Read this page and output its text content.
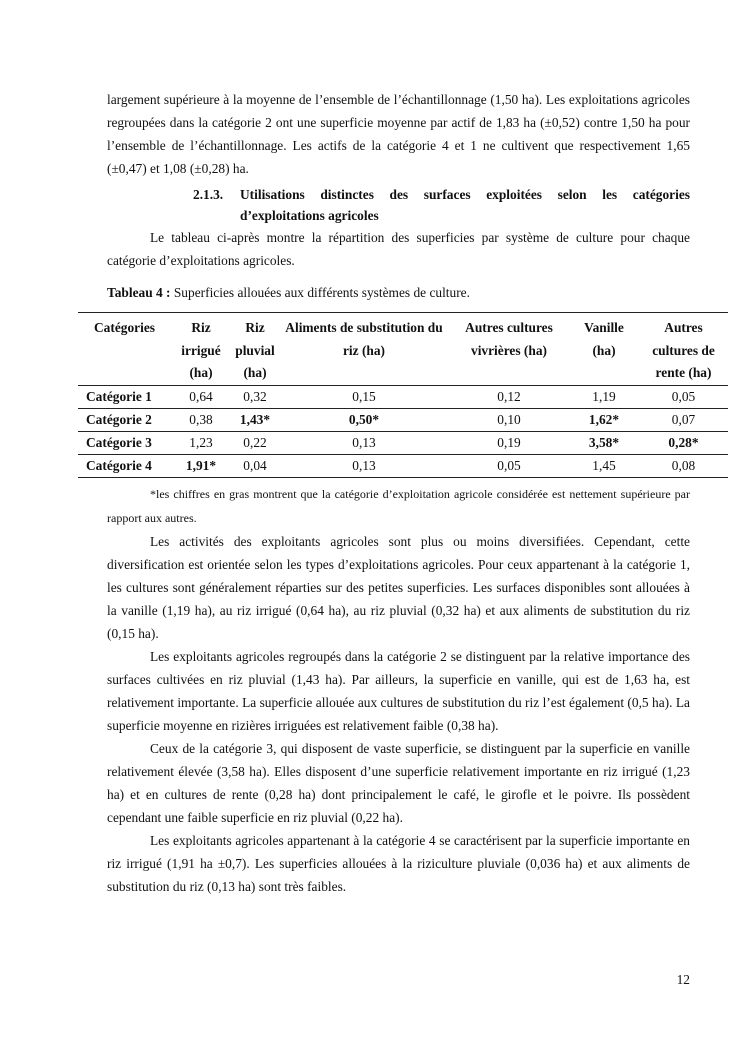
largement supérieure à la moyenne de l’ensemble de l’échantillonnage (1,50 ha). Les exploitations agricoles regroupées dans la catégorie 2 ont une superficie moyenne par actif de 1,83 ha (±0,52) contre 1,50 ha pour l’ensemble de l’échantillonnage. Les actifs de la catégorie 4 et 1 ne cultivent que respectivement 1,65 (±0,47) et 1,08 (±0,28) ha.

2.1.3.	Utilisations distinctes des surfaces exploitées selon les catégories d’exploitations agricoles

Le tableau ci-après montre la répartition des superficies par système de culture pour chaque catégorie d’exploitations agricoles.

Tableau 4 : Superficies allouées aux différents systèmes de culture.

Catégories	Riz irrigué (ha)	Riz pluvial (ha)	Aliments de substitution du riz (ha)	Autres cultures vivrières (ha)	Vanille (ha)	Autres cultures de rente (ha)
Catégorie 1	0,64	0,32	0,15	0,12	1,19	0,05
Catégorie 2	0,38	1,43*	0,50*	0,10	1,62*	0,07
Catégorie 3	1,23	0,22	0,13	0,19	3,58*	0,28*
Catégorie 4	1,91*	0,04	0,13	0,05	1,45	0,08

*les chiffres en gras montrent que la catégorie d’exploitation agricole considérée est nettement supérieure par rapport aux autres.

Les activités des exploitants agricoles sont plus ou moins diversifiées. Cependant, cette diversification est orientée selon les types d’exploitations agricoles. Pour ceux appartenant à la catégorie 1, les cultures sont généralement réparties sur des petites superficies. Les surfaces disponibles sont allouées à la vanille (1,19 ha), au riz irrigué (0,64 ha), au riz pluvial (0,32 ha) et aux aliments de substitution du riz (0,15 ha).

Les exploitants agricoles regroupés dans la catégorie 2 se distinguent par la relative importance des surfaces cultivées en riz pluvial (1,43 ha). Par ailleurs, la superficie en vanille, qui est de 1,63 ha, est relativement importante. La superficie allouée aux cultures de substitution du riz l’est également (0,5 ha). La superficie moyenne en rizières irriguées est relativement faible (0,38 ha).

Ceux de la catégorie 3, qui disposent de vaste superficie, se distinguent par la superficie en vanille relativement élevée (3,58 ha). Elles disposent d’une superficie relativement importante en riz irrigué (1,23 ha) et en cultures de rente (0,28 ha) dont principalement le café, le girofle et le poivre. Ils possèdent cependant une faible superficie en riz pluvial (0,22 ha).

Les exploitants agricoles appartenant à la catégorie 4 se caractérisent par la superficie importante en riz irrigué (1,91 ha ±0,7). Les superficies allouées à la riziculture pluviale (0,036 ha) et aux aliments de substitution du riz (0,13 ha) sont très faibles.

12
